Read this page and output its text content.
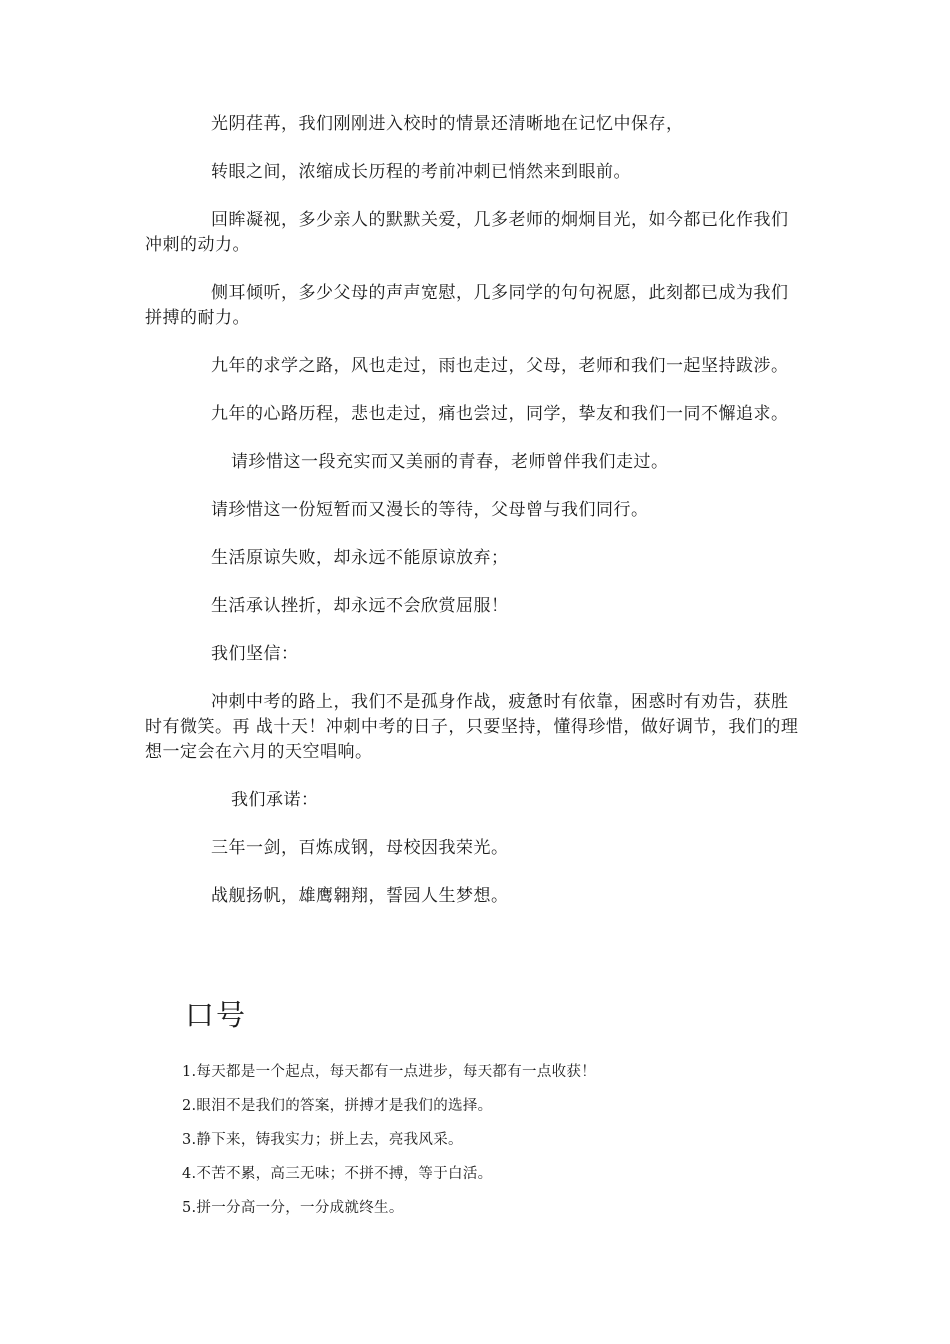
光阴荏苒，我们刚刚进入校时的情景还清晰地在记忆中保存，

转眼之间，浓缩成长历程的考前冲刺已悄然来到眼前。

回眸凝视，多少亲人的默默关爱，几多老师的炯炯目光，如今都已化作我们冲刺的动力。

侧耳倾听，多少父母的声声宽慰，几多同学的句句祝愿，此刻都已成为我们拼搏的耐力。

九年的求学之路，风也走过，雨也走过，父母，老师和我们一起坚持跋涉。

九年的心路历程，悲也走过，痛也尝过，同学，挚友和我们一同不懈追求。

请珍惜这一段充实而又美丽的青春，老师曾伴我们走过。

请珍惜这一份短暂而又漫长的等待，父母曾与我们同行。

生活原谅失败，却永远不能原谅放弃；

生活承认挫折，却永远不会欣赏屈服！

我们坚信：

冲刺中考的路上，我们不是孤身作战，疲惫时有依靠，困惑时有劝告，获胜时有微笑。再 战十天！冲刺中考的日子，只要坚持，懂得珍惜，做好调节，我们的理想一定会在六月的天空唱响。

我们承诺：

三年一剑，百炼成钢，母校因我荣光。

战舰扬帆，雄鹰翱翔，誓园人生梦想。

口号
1.每天都是一个起点，每天都有一点进步，每天都有一点收获！
2.眼泪不是我们的答案，拼搏才是我们的选择。
3.静下来，铸我实力；拼上去，亮我风采。
4.不苦不累，高三无味；不拼不搏，等于白活。
5.拼一分高一分，一分成就终生。
